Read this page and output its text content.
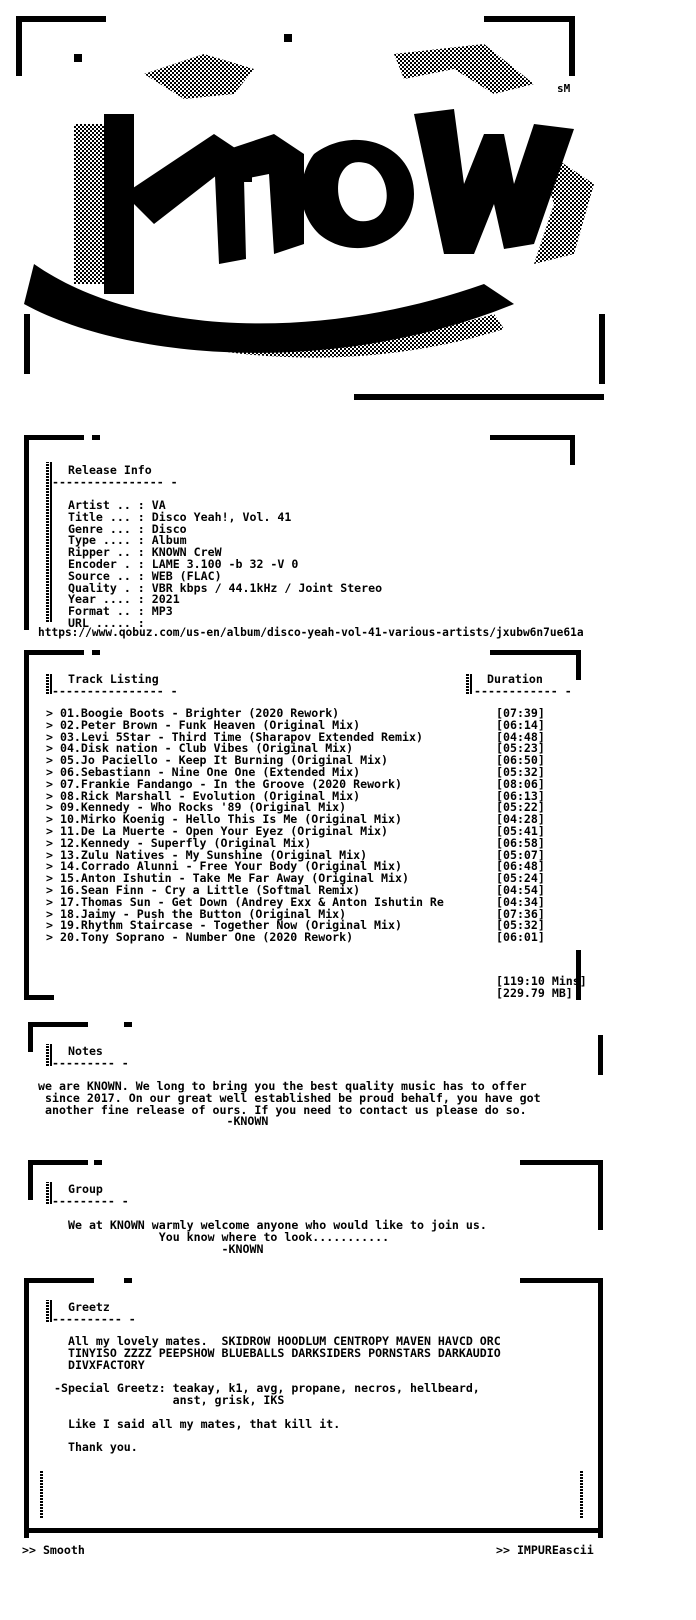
sM
Release Info
---------------- -
Artist .. : VA
Title ... : Disco Yeah!, Vol. 41
Genre ... : Disco
Type .... : Album
Ripper .. : KNOWN CreW
Encoder . : LAME 3.100 -b 32 -V 0
Source .. : WEB (FLAC)
Quality . : VBR kbps / 44.1kHz / Joint Stereo
Year .... : 2021
Format .. : MP3
URL ..... :
https://www.qobuz.com/us-en/album/disco-yeah-vol-41-various-artists/jxubw6n7ue61a
Track Listing
---------------- -
Duration
------------ -
> 01.Boogie Boots - Brighter (2020 Rework)
> 02.Peter Brown - Funk Heaven (Original Mix)
> 03.Levi 5Star - Third Time (Sharapov Extended Remix)
> 04.Disk nation - Club Vibes (Original Mix)
> 05.Jo Paciello - Keep It Burning (Original Mix)
> 06.Sebastiann - Nine One One (Extended Mix)
> 07.Frankie Fandango - In the Groove (2020 Rework)
> 08.Rick Marshall - Evolution (Original Mix)
> 09.Kennedy - Who Rocks '89 (Original Mix)
> 10.Mirko Koenig - Hello This Is Me (Original Mix)
> 11.De La Muerte - Open Your Eyez (Original Mix)
> 12.Kennedy - Superfly (Original Mix)
> 13.Zulu Natives - My Sunshine (Original Mix)
> 14.Corrado Alunni - Free Your Body (Original Mix)
> 15.Anton Ishutin - Take Me Far Away (Original Mix)
> 16.Sean Finn - Cry a Little (Softmal Remix)
> 17.Thomas Sun - Get Down (Andrey Exx & Anton Ishutin Re
> 18.Jaimy - Push the Button (Original Mix)
> 19.Rhythm Staircase - Together Now (Original Mix)
> 20.Tony Soprano - Number One (2020 Rework)
[07:39]
[06:14]
[04:48]
[05:23]
[06:50]
[05:32]
[08:06]
[06:13]
[05:22]
[04:28]
[05:41]
[06:58]
[05:07]
[06:48]
[05:24]
[04:54]
[04:34]
[07:36]
[05:32]
[06:01]
[119:10 Mins]
[229.79 MB]
Notes
--------- -
we are KNOWN. We long to bring you the best quality music has to offer
since 2017. On our great well established be proud behalf, you have got
another fine release of ours. If you need to contact us please do so.
-KNOWN
Group
--------- -
We at KNOWN warmly welcome anyone who would like to join us.
You know where to look...........
-KNOWN
Greetz
---------- -
All my lovely mates.  SKIDROW HOODLUM CENTROPY MAVEN HAVCD ORC
TINYISO ZZZZ PEEPSHOW BLUEBALLS DARKSIDERS PORNSTARS DARKAUDIO
DIVXFACTORY
-Special Greetz: teakay, k1, avg, propane, necros, hellbeard,
anst, grisk, IKS
Like I said all my mates, that kill it.
Thank you.
>> Smooth	>> IMPUREascii
